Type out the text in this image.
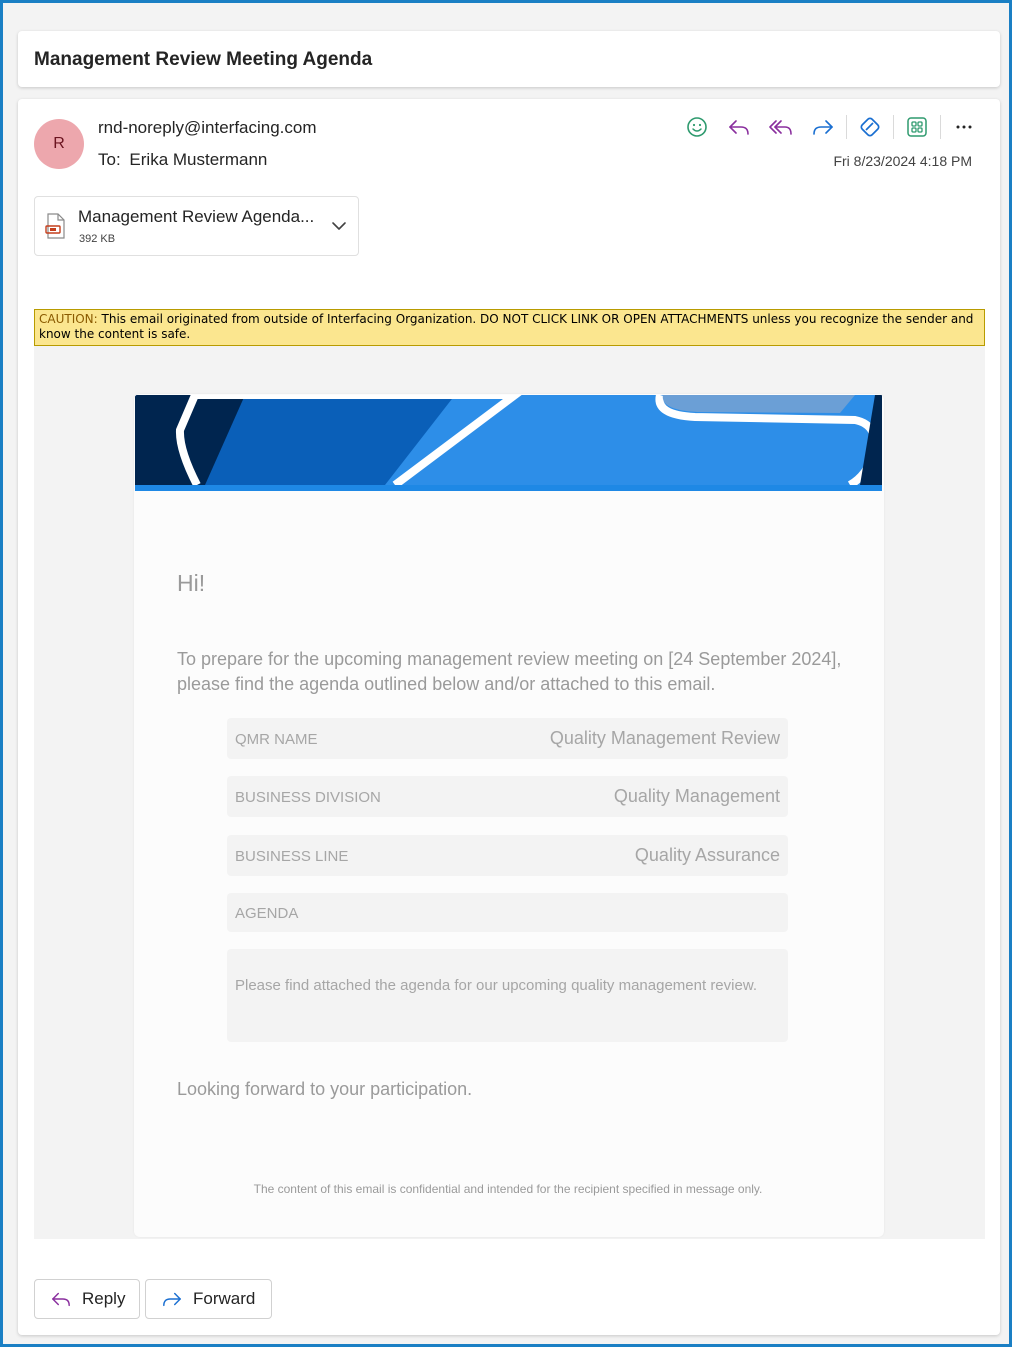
Management Review Meeting Agenda
R
rnd-noreply@interfacing.com
To: Erika Mustermann	Fri 8/23/2024 4:18 PM
Management Review Agenda...
392 KB
CAUTION: This email originated from outside of Interfacing Organization. DO NOT CLICK LINK OR OPEN ATTACHMENTS unless you recognize the sender and know the content is safe.
Hi!
To prepare for the upcoming management review meeting on [24 September 2024], please find the agenda outlined below and/or attached to this email.
QMR NAME	Quality Management Review
BUSINESS DIVISION	Quality Management
BUSINESS LINE	Quality Assurance
AGENDA
Please find attached the agenda for our upcoming quality management review.
Looking forward to your participation.
The content of this email is confidential and intended for the recipient specified in message only.
Reply	Forward
